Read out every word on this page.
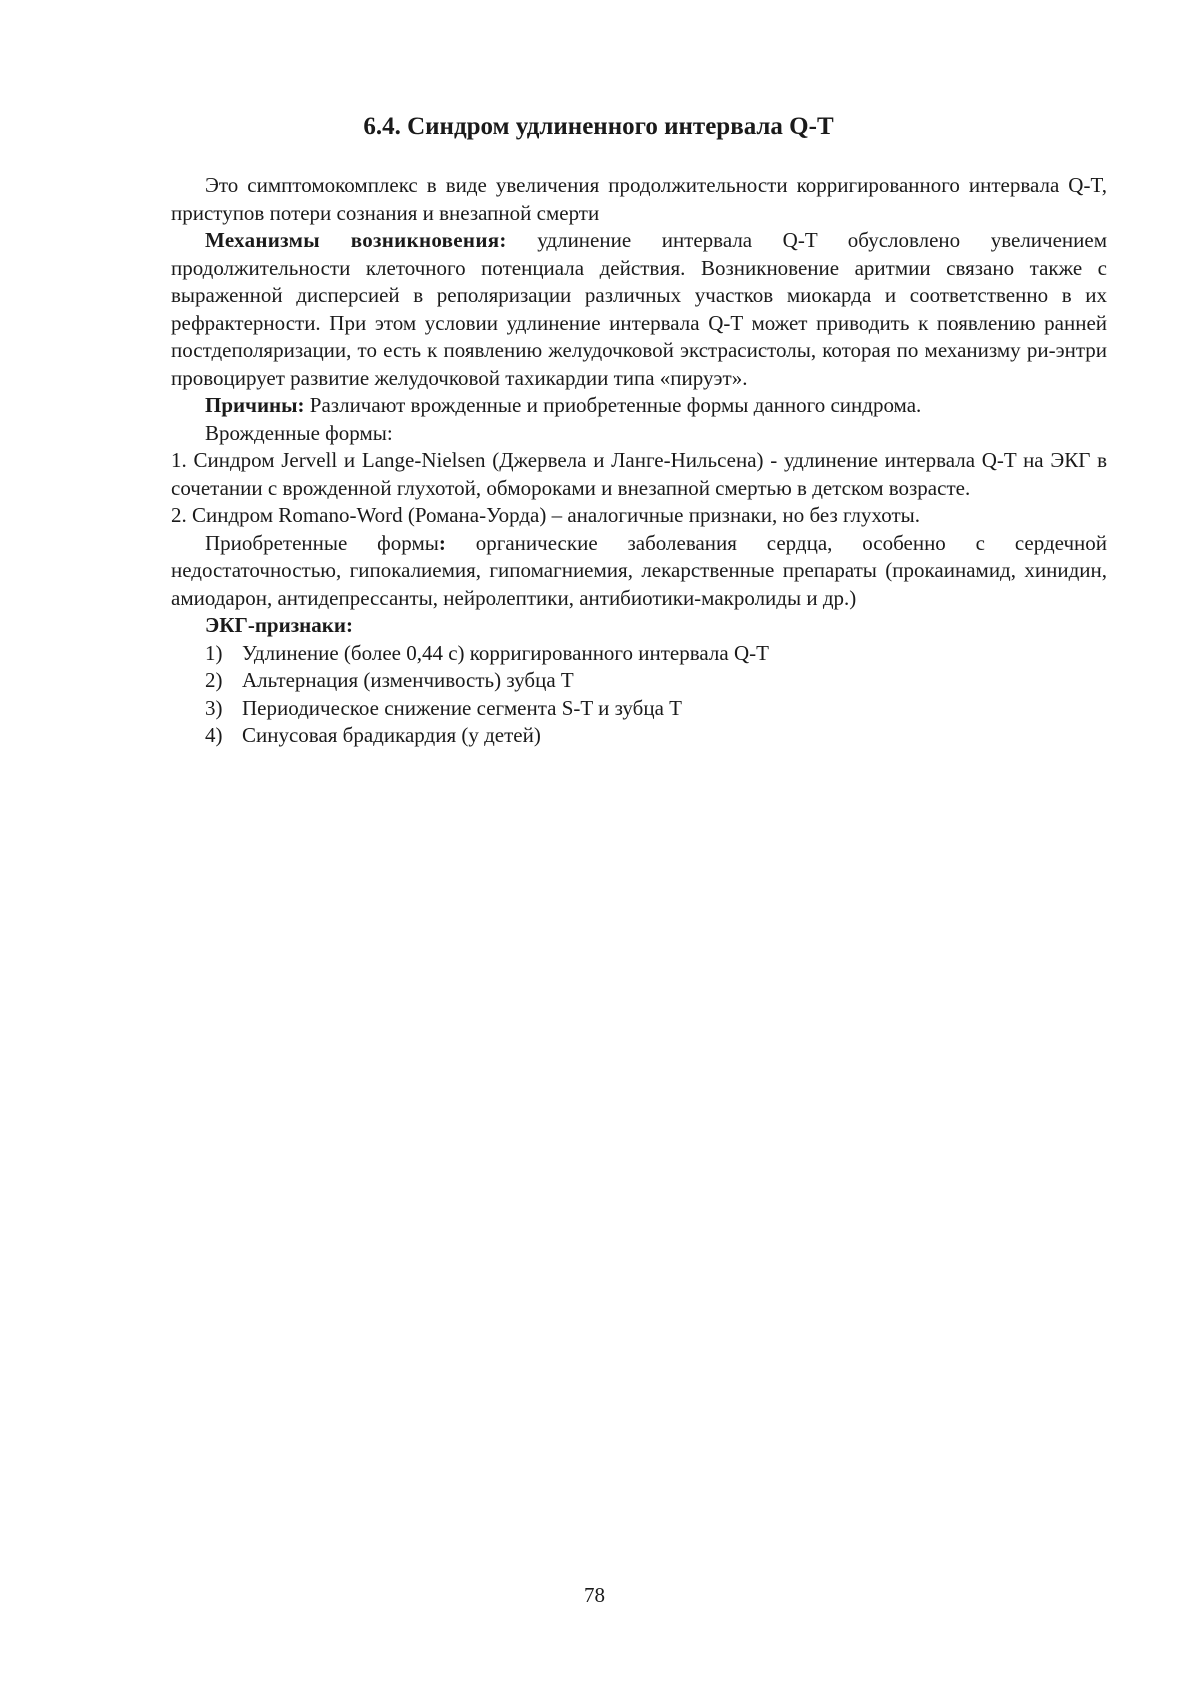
6.4. Синдром удлиненного интервала Q-T

Это симптомокомплекс в виде увеличения продолжительности корригированного интервала Q-T, приступов потери сознания и внезапной смерти

Механизмы возникновения: удлинение интервала Q-T обусловлено увеличением продолжительности клеточного потенциала действия. Возникновение аритмии связано также с выраженной дисперсией в реполяризации различных участков миокарда и соответственно в их рефрактерности. При этом условии удлинение интервала Q-T может приводить к появлению ранней постдеполяризации, то есть к появлению желудочковой экстрасистолы, которая по механизму ри-энтри провоцирует развитие желудочковой тахикардии типа «пируэт».

Причины: Различают врожденные и приобретенные формы данного синдрома.

Врожденные формы:

1. Синдром Jervell и Lange-Nielsen (Джервела и Ланге-Нильсена) - удлинение интервала Q-T на ЭКГ в сочетании с врожденной глухотой, обмороками и внезапной смертью в детском возрасте.

2. Синдром Romano-Word (Романа-Уорда) – аналогичные признаки, но без глухоты.

Приобретенные формы: органические заболевания сердца, особенно с сердечной недостаточностью, гипокалиемия, гипомагниемия, лекарственные препараты (прокаинамид, хинидин, амиодарон, антидепрессанты, нейролептики, антибиотики-макролиды и др.)

ЭКГ-признаки:

1) Удлинение (более 0,44 с) корригированного интервала Q-T
2) Альтернация (изменчивость) зубца Т
3) Периодическое снижение сегмента S-T и зубца T
4) Синусовая брадикардия (у детей)
78
